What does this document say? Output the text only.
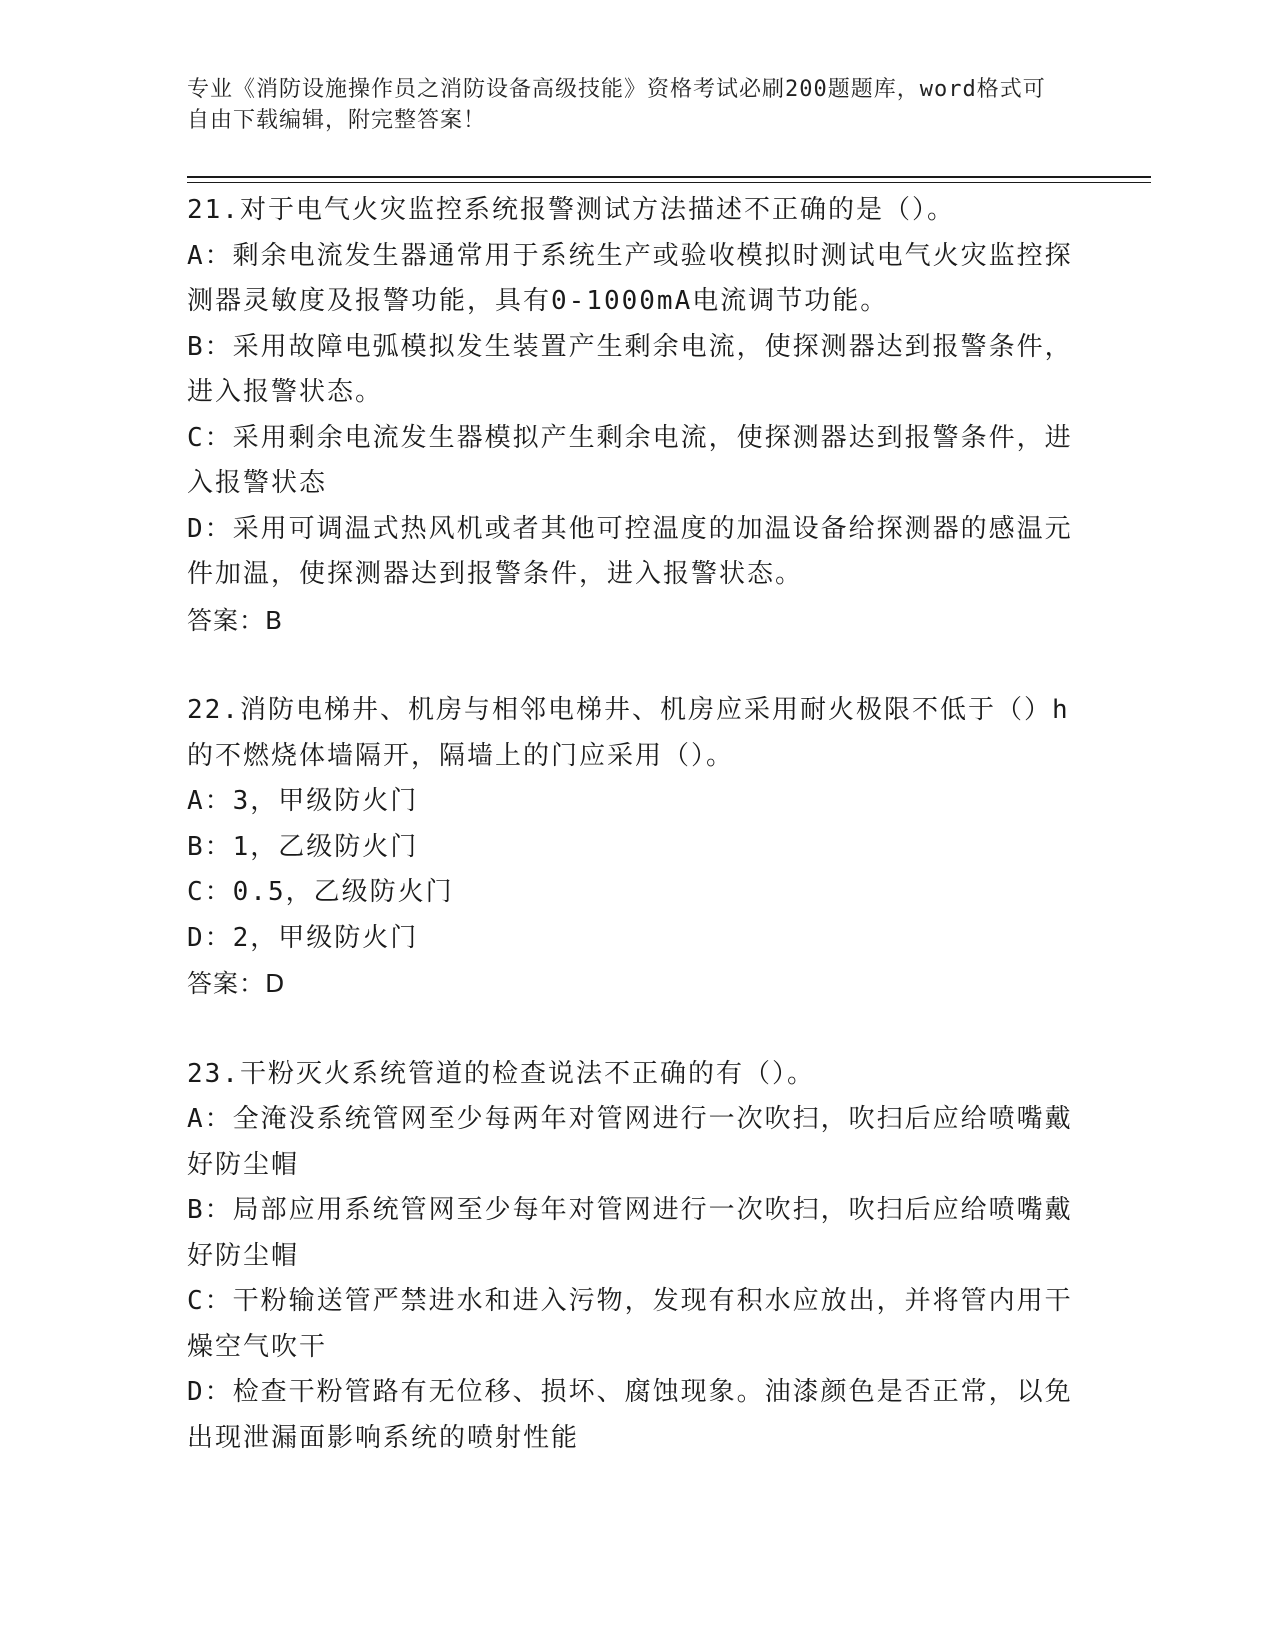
专业《消防设施操作员之消防设备高级技能》资格考试必刷200题题库，word格式可自由下载编辑，附完整答案！

21.对于电气火灾监控系统报警测试方法描述不正确的是（）。

A：剩余电流发生器通常用于系统生产或验收模拟时测试电气火灾监控探测器灵敏度及报警功能，具有0-1000mA电流调节功能。

B：采用故障电弧模拟发生装置产生剩余电流，使探测器达到报警条件，进入报警状态。

C：采用剩余电流发生器模拟产生剩余电流，使探测器达到报警条件，进入报警状态

D：采用可调温式热风机或者其他可控温度的加温设备给探测器的感温元件加温，使探测器达到报警条件，进入报警状态。

答案：B

22.消防电梯井、机房与相邻电梯井、机房应采用耐火极限不低于（）h的不燃烧体墙隔开，隔墙上的门应采用（）。

A：3，甲级防火门

B：1，乙级防火门

C：0.5，乙级防火门

D：2，甲级防火门

答案：D

23.干粉灭火系统管道的检查说法不正确的有（）。

A：全淹没系统管网至少每两年对管网进行一次吹扫，吹扫后应给喷嘴戴好防尘帽

B：局部应用系统管网至少每年对管网进行一次吹扫，吹扫后应给喷嘴戴好防尘帽

C：干粉输送管严禁进水和进入污物，发现有积水应放出，并将管内用干燥空气吹干

D：检查干粉管路有无位移、损坏、腐蚀现象。油漆颜色是否正常，以免出现泄漏面影响系统的喷射性能
